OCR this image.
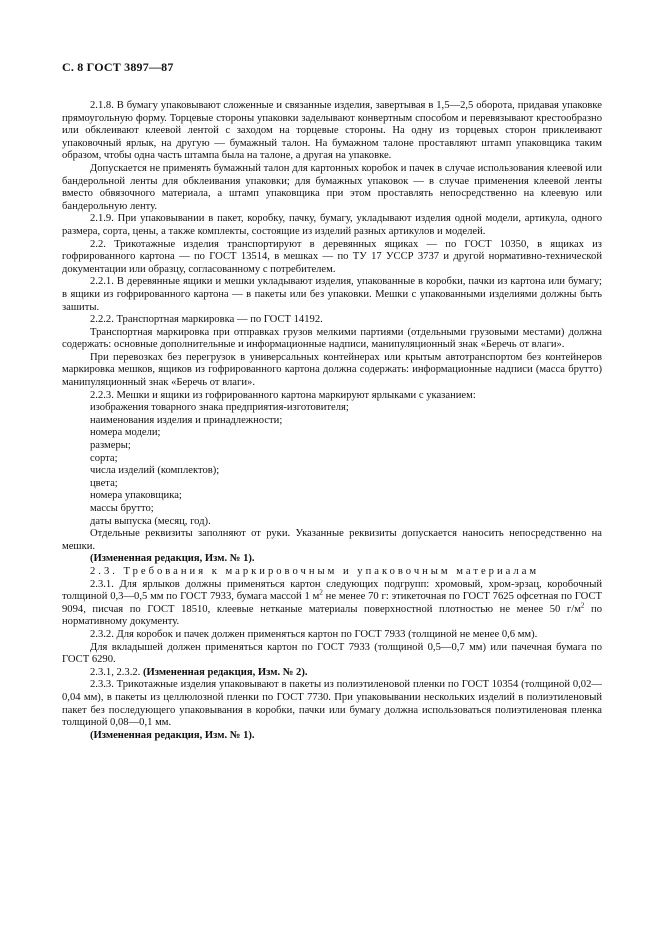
С. 8 ГОСТ 3897—87

2.1.8. В бумагу упаковывают сложенные и связанные изделия, завертывая в 1,5—2,5 оборота, придавая упаковке прямоугольную форму. Торцевые стороны упаковки заделывают конвертным способом и перевязывают крестообразно или обклеивают клеевой лентой с заходом на торцевые стороны. На одну из торцевых сторон приклеивают упаковочный ярлык, на другую — бумажный талон. На бумажном талоне проставляют штамп упаковщика таким образом, чтобы одна часть штампа была на талоне, а другая на упаковке.

Допускается не применять бумажный талон для картонных коробок и пачек в случае использования клеевой или бандерольной ленты для обклеивания упаковки; для бумажных упаковок — в случае применения клеевой ленты вместо обвязочного материала, а штамп упаковщика при этом проставлять непосредственно на клеевую или бандерольную ленту.

2.1.9. При упаковывании в пакет, коробку, пачку, бумагу, укладывают изделия одной модели, артикула, одного размера, сорта, цены, а также комплекты, состоящие из изделий разных артикулов и моделей.

2.2. Трикотажные изделия транспортируют в деревянных ящиках — по ГОСТ 10350, в ящиках из гофрированного картона — по ГОСТ 13514, в мешках — по ТУ 17 УССР 3737 и другой нормативно-технической документации или образцу, согласованному с потребителем.

2.2.1. В деревянные ящики и мешки укладывают изделия, упакованные в коробки, пачки из картона или бумагу; в ящики из гофрированного картона — в пакеты или без упаковки. Мешки с упакованными изделиями должны быть зашиты.

2.2.2. Транспортная маркировка — по ГОСТ 14192.

Транспортная маркировка при отправках грузов мелкими партиями (отдельными грузовыми местами) должна содержать: основные дополнительные и информационные надписи, манипуляционный знак «Беречь от влаги».

При перевозках без перегрузок в универсальных контейнерах или крытым автотранспортом без контейнеров маркировка мешков, ящиков из гофрированного картона должна содержать: информационные надписи (масса брутто) манипуляционный знак «Беречь от влаги».

2.2.3. Мешки и ящики из гофрированного картона маркируют ярлыками с указанием:

изображения товарного знака предприятия-изготовителя;

наименования изделия и принадлежности;

номера модели;

размеры;

сорта;

числа изделий (комплектов);

цвета;

номера упаковщика;

массы брутто;

даты выпуска (месяц, год).

Отдельные реквизиты заполняют от руки. Указанные реквизиты допускается наносить непосредственно на мешки.

(Измененная редакция, Изм. № 1).

2.3. Требования к маркировочным и упаковочным материалам

2.3.1. Для ярлыков должны применяться картон следующих подгрупп: хромовый, хром-эрзац, коробочный толщиной 0,3—0,5 мм по ГОСТ 7933, бумага массой 1 $м^2$ не менее 70 г: этикеточная по ГОСТ 7625 офсетная по ГОСТ 9094, писчая по ГОСТ 18510, клеевые нетканые материалы поверхностной плотностью не менее 50 $г/м^2$ по нормативному документу.

2.3.2. Для коробок и пачек должен применяться картон по ГОСТ 7933 (толщиной не менее 0,6 мм).

Для вкладышей должен применяться картон по ГОСТ 7933 (толщиной 0,5—0,7 мм) или пачечная бумага по ГОСТ 6290.

2.3.1, 2.3.2. (Измененная редакция, Изм. № 2).

2.3.3. Трикотажные изделия упаковывают в пакеты из полиэтиленовой пленки по ГОСТ 10354 (толщиной 0,02—0,04 мм), в пакеты из целлюлозной пленки по ГОСТ 7730. При упаковывании нескольких изделий в полиэтиленовый пакет без последующего упаковывания в коробки, пачки или бумагу должна использоваться полиэтиленовая пленка толщиной 0,08—0,1 мм.

(Измененная редакция, Изм. № 1).
